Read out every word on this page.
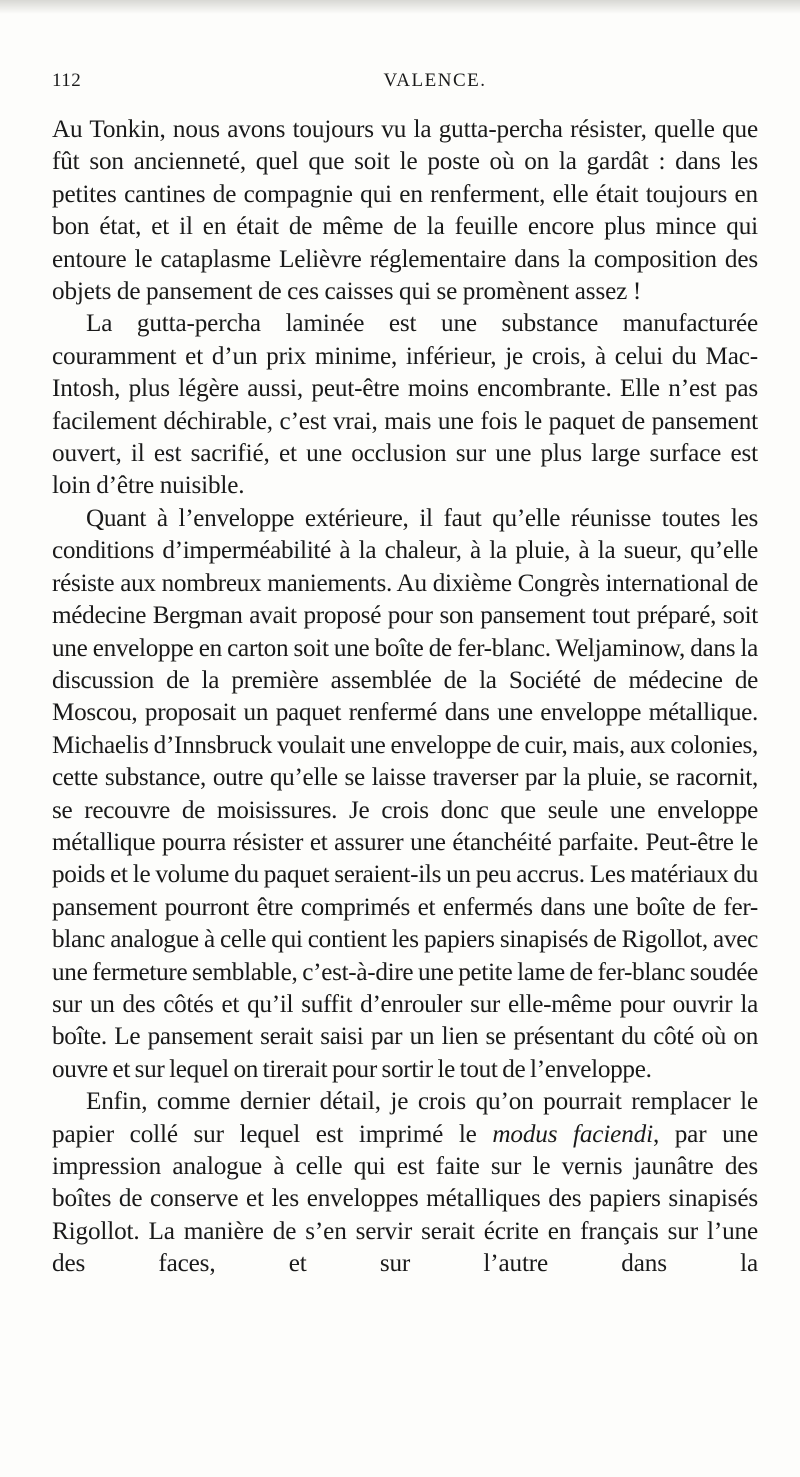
112	VALENCE.

Au Tonkin, nous avons toujours vu la gutta-percha résister, quelle que fût son ancienneté, quel que soit le poste où on la gardât : dans les petites cantines de compagnie qui en renferment, elle était toujours en bon état, et il en était de même de la feuille encore plus mince qui entoure le cataplasme Lelièvre réglementaire dans la composition des objets de pansement de ces caisses qui se promènent assez !

La gutta-percha laminée est une substance manufacturée couramment et d’un prix minime, inférieur, je crois, à celui du Mac-Intosh, plus légère aussi, peut-être moins encombrante. Elle n’est pas facilement déchirable, c’est vrai, mais une fois le paquet de pansement ouvert, il est sacrifié, et une occlusion sur une plus large surface est loin d’être nuisible.

Quant à l’enveloppe extérieure, il faut qu’elle réunisse toutes les conditions d’imperméabilité à la chaleur, à la pluie, à la sueur, qu’elle résiste aux nombreux maniements. Au dixième Congrès international de médecine Bergman avait proposé pour son pansement tout préparé, soit une enveloppe en carton soit une boîte de fer-blanc. Weljaminow, dans la discussion de la première assemblée de la Société de médecine de Moscou, proposait un paquet renfermé dans une enveloppe métallique. Michaelis d’Innsbruck voulait une enveloppe de cuir, mais, aux colonies, cette substance, outre qu’elle se laisse traverser par la pluie, se racornit, se recouvre de moisissures. Je crois donc que seule une enveloppe métallique pourra résister et assurer une étanchéité parfaite. Peut-être le poids et le volume du paquet seraient-ils un peu accrus. Les matériaux du pansement pourront être comprimés et enfermés dans une boîte de fer-blanc analogue à celle qui contient les papiers sinapisés de Rigollot, avec une fermeture semblable, c’est-à-dire une petite lame de fer-blanc soudée sur un des côtés et qu’il suffit d’enrouler sur elle-même pour ouvrir la boîte. Le pansement serait saisi par un lien se présentant du côté où on ouvre et sur lequel on tirerait pour sortir le tout de l’enveloppe.

Enfin, comme dernier détail, je crois qu’on pourrait remplacer le papier collé sur lequel est imprimé le modus faciendi, par une impression analogue à celle qui est faite sur le vernis jaunâtre des boîtes de conserve et les enveloppes métalliques des papiers sinapisés Rigollot. La manière de s’en servir serait écrite en français sur l’une des faces, et sur l’autre dans la
